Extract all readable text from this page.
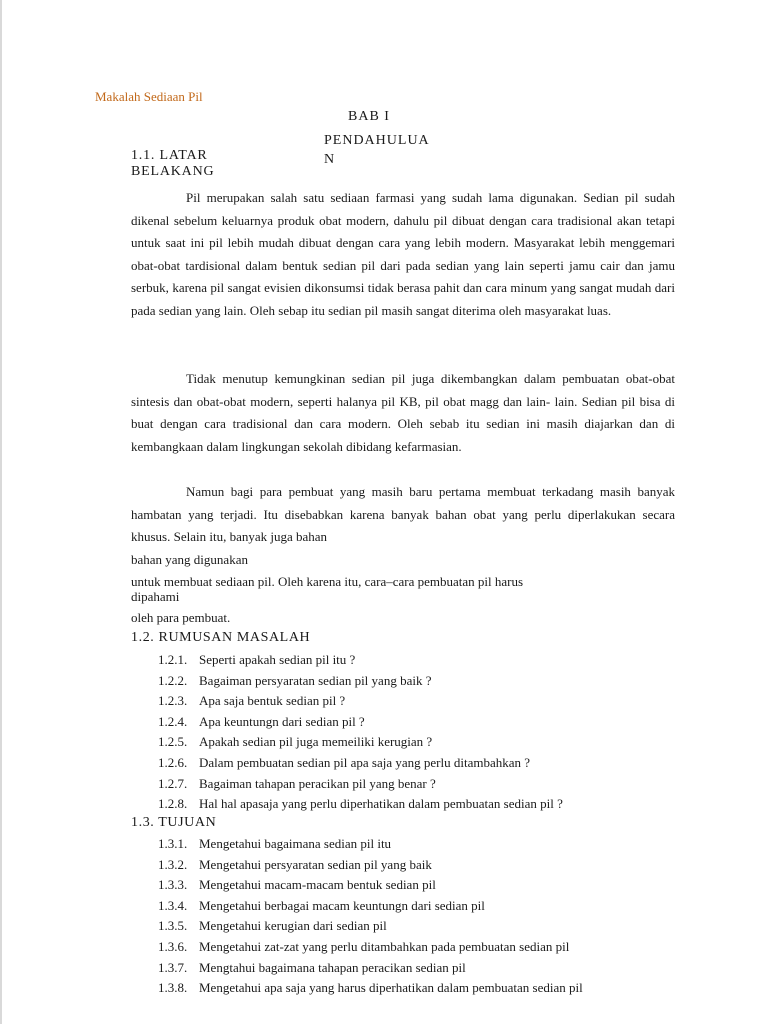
Makalah Sediaan Pil
BAB I
PENDAHULUA
N
1.1. LATAR
BELAKANG

Pil merupakan salah satu sediaan farmasi yang sudah lama digunakan. Sedian pil sudah dikenal sebelum keluarnya produk obat modern, dahulu pil dibuat dengan cara tradisional akan tetapi untuk saat ini pil lebih mudah dibuat dengan cara yang lebih modern. Masyarakat lebih menggemari obat-obat tardisional dalam bentuk sedian pil dari pada sedian yang lain seperti jamu cair dan jamu serbuk, karena pil sangat evisien dikonsumsi tidak berasa pahit dan cara minum yang sangat mudah dari pada sedian yang lain. Oleh sebap itu sedian pil masih sangat diterima oleh masyarakat luas.

Tidak menutup kemungkinan sedian pil juga dikembangkan dalam pembuatan obat-obat sintesis dan obat-obat modern, seperti halanya pil KB, pil obat magg dan lain- lain. Sedian pil bisa di buat dengan cara tradisional dan cara modern. Oleh sebab itu sedian ini masih diajarkan dan di kembangkaan dalam lingkungan sekolah dibidang kefarmasian.

Namun bagi para pembuat yang masih baru pertama membuat terkadang masih banyak hambatan yang terjadi. Itu disebabkan karena banyak bahan obat yang perlu diperlakukan secara khusus. Selain itu, banyak juga bahan

bahan yang digunakan
untuk membuat sediaan pil. Oleh karena itu, cara–cara pembuatan pil harus
dipahami
oleh para pembuat.
1.2. RUMUSAN MASALAH
1.2.1. Seperti apakah sedian pil itu ?
1.2.2. Bagaiman persyaratan sedian pil yang baik ?
1.2.3. Apa saja bentuk sedian pil ?
1.2.4. Apa keuntungn dari sedian pil ?
1.2.5. Apakah sedian pil juga memeiliki kerugian ?
1.2.6. Dalam pembuatan sedian pil apa saja yang perlu ditambahkan ?
1.2.7. Bagaiman tahapan peracikan pil yang benar ?
1.2.8. Hal hal apasaja yang perlu diperhatikan dalam pembuatan sedian pil ?
1.3. TUJUAN
1.3.1. Mengetahui bagaimana sedian pil itu
1.3.2. Mengetahui persyaratan sedian pil yang baik
1.3.3. Mengetahui macam-macam bentuk sedian pil
1.3.4. Mengetahui berbagai macam keuntungn dari sedian pil
1.3.5. Mengetahui kerugian dari sedian pil
1.3.6. Mengetahui zat-zat yang perlu ditambahkan pada pembuatan sedian pil
1.3.7. Mengtahui bagaimana tahapan peracikan sedian pil
1.3.8. Mengetahui apa saja yang harus diperhatikan dalam pembuatan sedian pil
